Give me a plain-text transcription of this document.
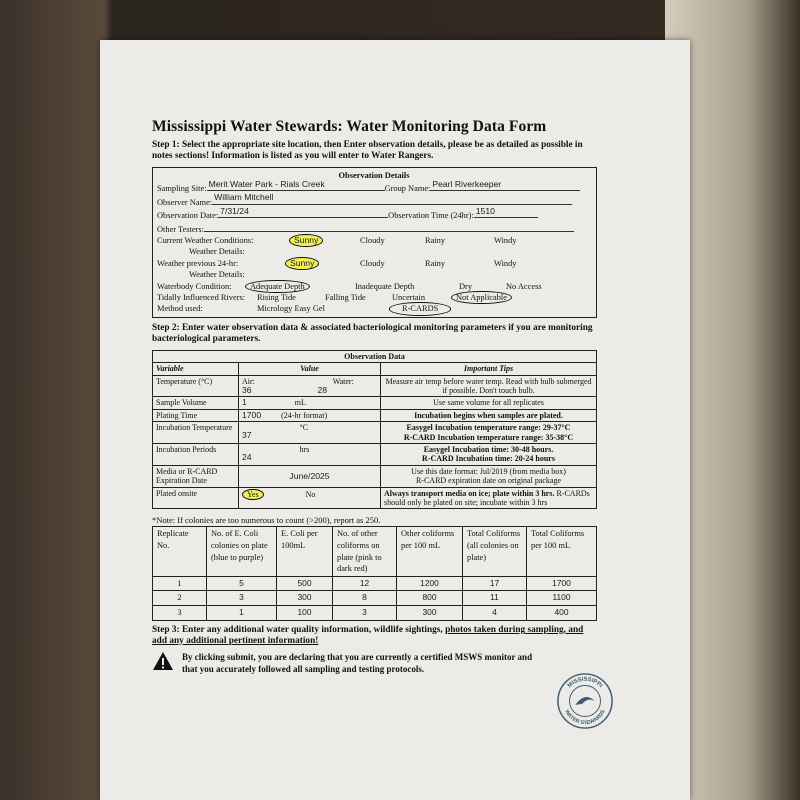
Mississippi Water Stewards: Water Monitoring Data Form
Step 1: Select the appropriate site location, then Enter observation details, please be as detailed as possible in notes sections! Information is listed as you will enter to Water Rangers.
Observation Details
Sampling Site: Merit Water Park - Rials Creek	Group Name: Pearl Riverkeeper
Observer Name: William Mitchell
Observation Date: 7/31/24	Observation Time (24hr): 1510
Other Testers:
Current Weather Conditions:	Sunny	Cloudy	Rainy	Windy
Weather Details:
Weather previous 24-hr:	Sunny	Cloudy	Rainy	Windy
Weather Details:
Waterbody Condition:	Adequate Depth	Inadequate Depth	Dry	No Access
Tidally Influenced Rivers: Rising Tide	Falling Tide	Uncertain	Not Applicable
Method used:	Micrology Easy Gel	R-CARDS
Step 2: Enter water observation data & associated bacteriological monitoring parameters if you are monitoring bacteriological parameters.
Observation Data		
Variable	Value	Important Tips
Temperature (°C)	Air:
36
Water:
28	Measure air temp before water temp. Read with bulb submerged if possible. Don't touch bulb.
Sample Volume	1 mL	Use same volume for all replicates
Plating Time	1700 (24-hr format)	Incubation begins when samples are plated.
Incubation Temperature	37°C	Easygel Incubation temperature range: 29-37°C
R-CARD Incubation temperature range: 35-38°C

Incubation Periods	24hrs	Easygel Incubation time: 30-48 hours.
R-CARD Incubation time: 20-24 hours

Media or R-CARD Expiration Date	June/2025	Use this date format: Jul/2019 (from media box)
R-CARD expiration date on original package

Plated onsite	Yes No	Always transport media on ice; plate within 3 hrs. R-CARDs should only be plated on site; incubate within 3 hrs
*Note: If colonies are too numerous to count (>200), report as 250.
Replicate No.	No. of E. Coli colonies on plate (blue to purple)	E. Coli per 100mL	No. of other coliforms on plate (pink to dark red)	Other coliforms per 100 mL	Total Coliforms (all colonies on plate)	Total Coliforms per 100 mL
1	5	500	12	1200	17	1700
2	3	300	8	800	11	1100
3	1	100	3	300	4	400
Step 3: Enter any additional water quality information, wildlife sightings, photos taken during sampling, and add any additional pertinent information!
By clicking submit, you are declaring that you are currently a certified MSWS monitor and that you accurately followed all sampling and testing protocols.
MISSISSIPPI
WATER STEWARDS
